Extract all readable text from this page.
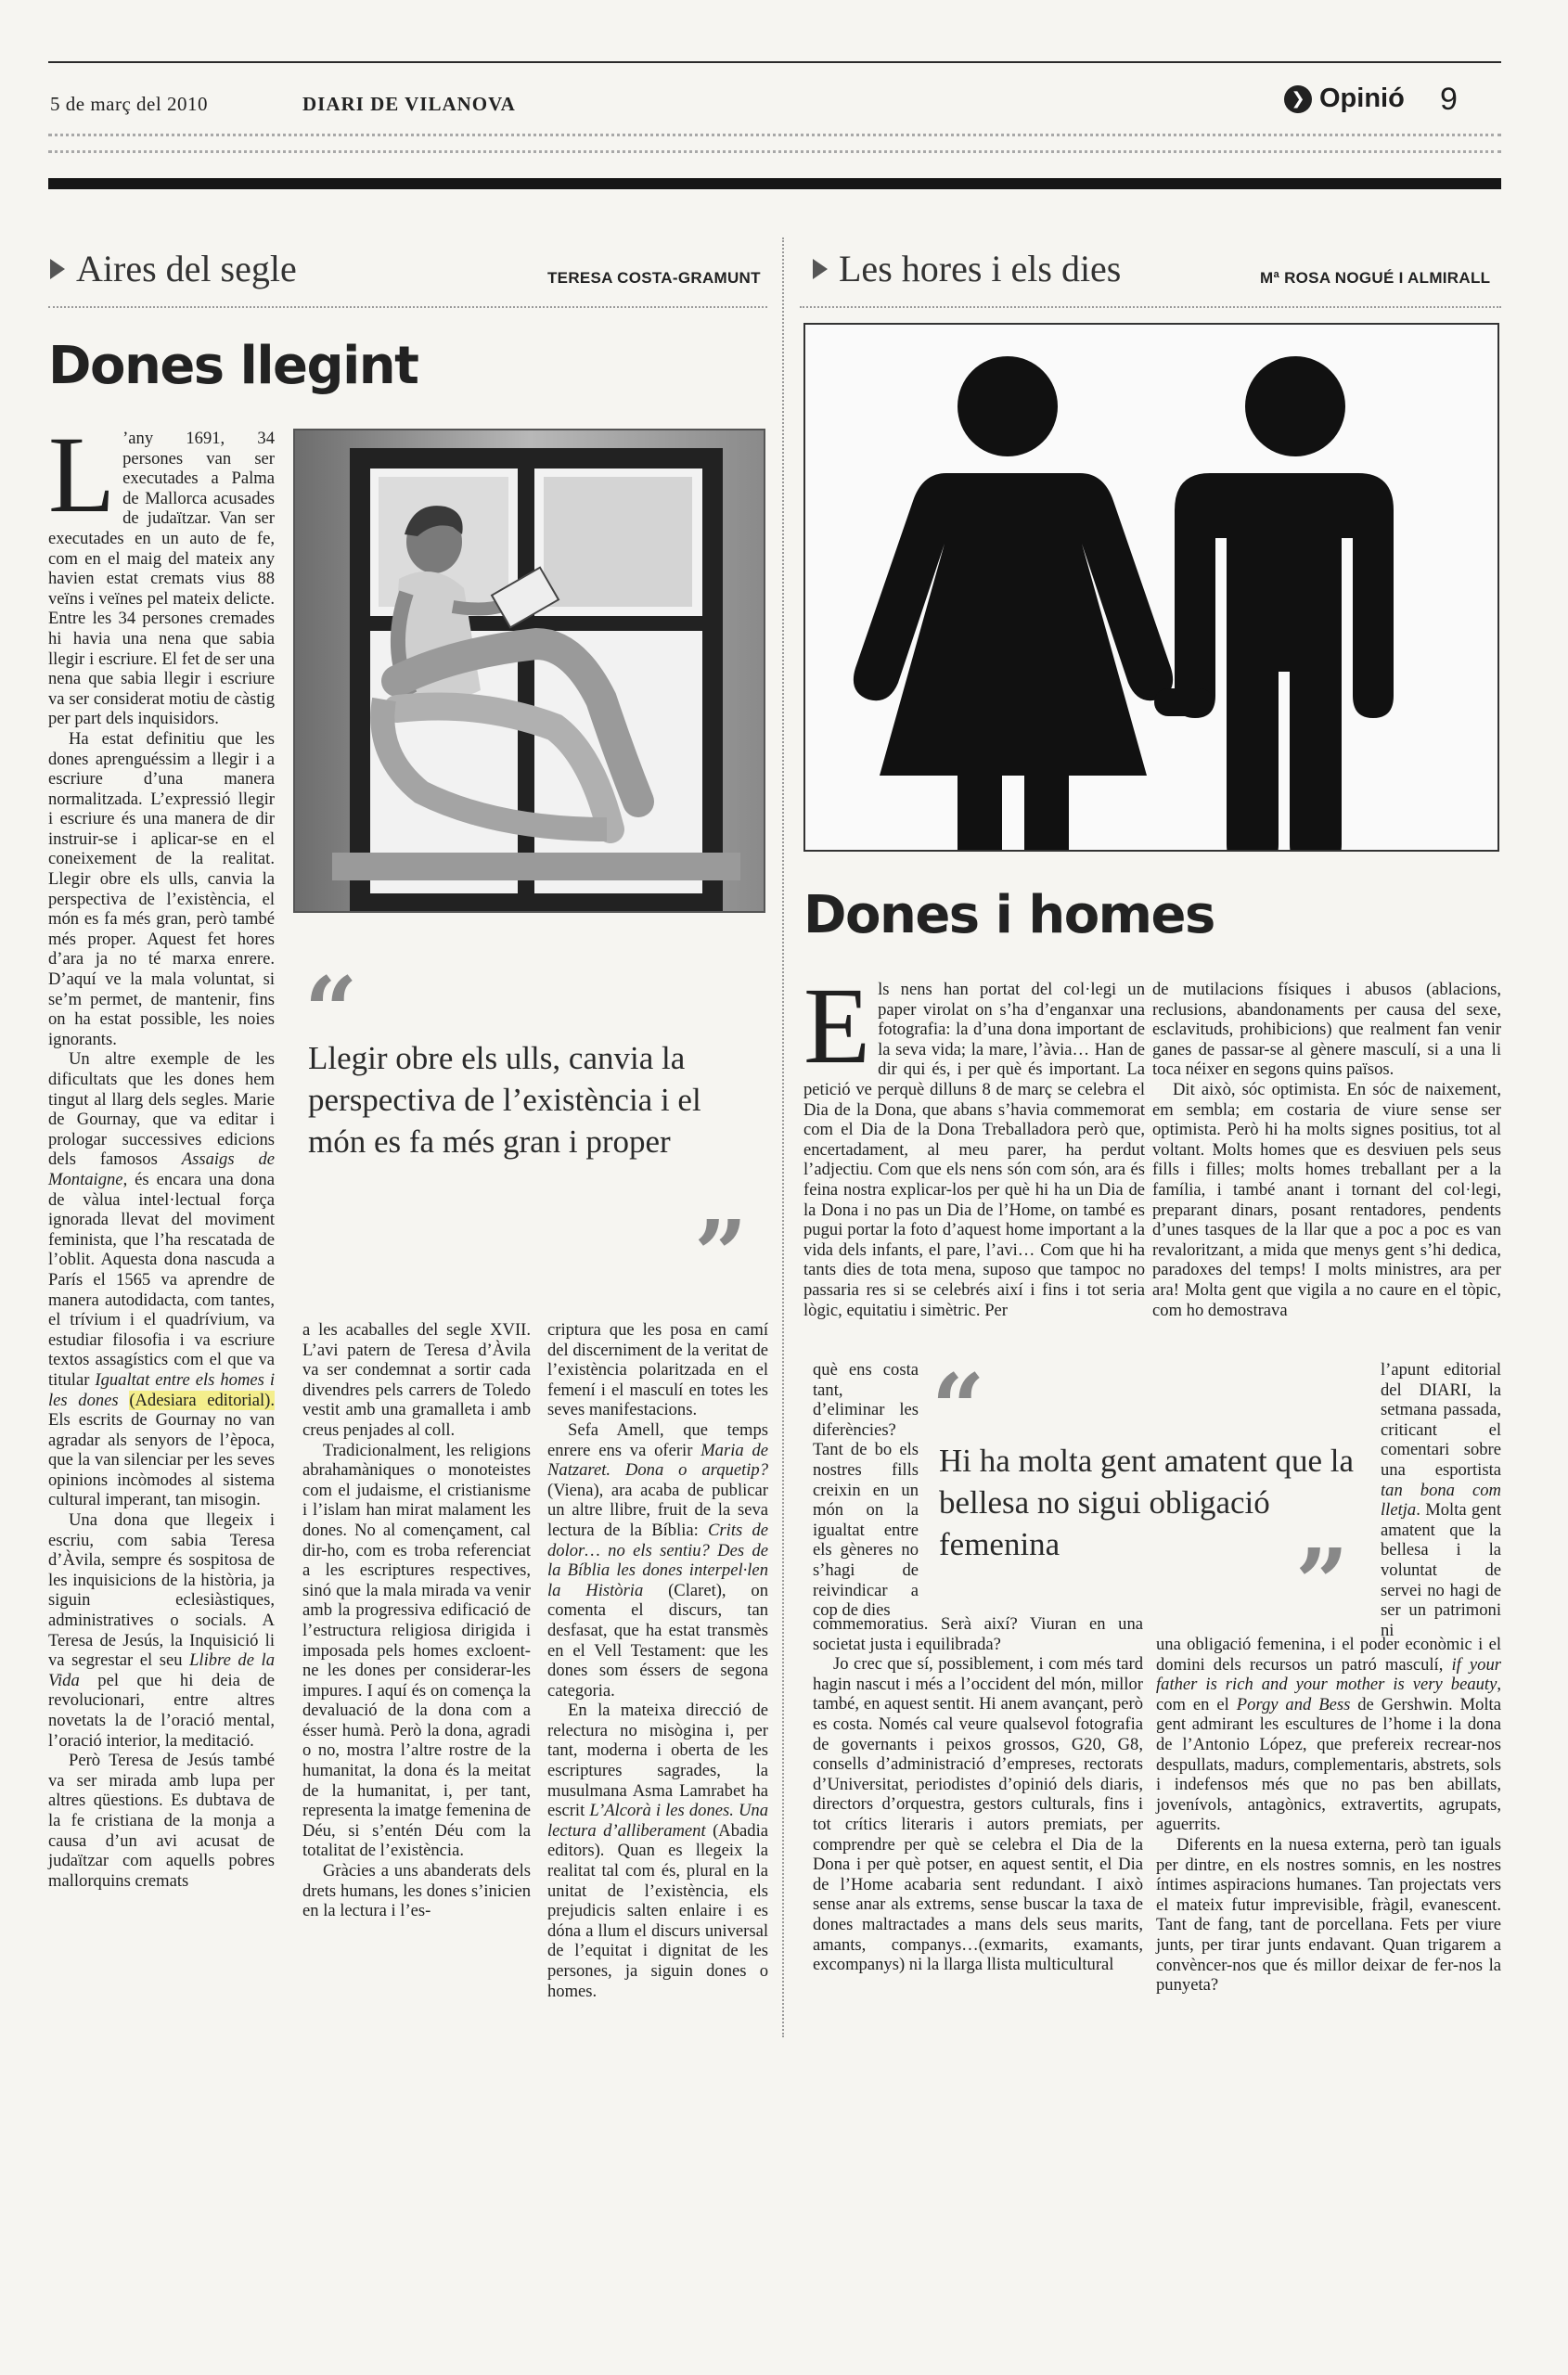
5 de març del 2010	DIARI DE VILANOVA	❯ Opinió 9
Aires del segle	TERESA COSTA-GRAMUNT
Dones llegint

L ’any 1691, 34 persones van ser executades a Palma de Mallorca acusades de judaïtzar. Van ser executades en un auto de fe, com en el maig del mateix any havien estat cremats vius 88 veïns i veïnes pel mateix delicte. Entre les 34 persones cremades hi havia una nena que sabia llegir i escriure. El fet de ser una nena que sabia llegir i escriure va ser considerat motiu de càstig per part dels inquisidors.

Ha estat definitiu que les dones aprenguéssim a llegir i a escriure d’una manera normalitzada. L’expressió llegir i escriure és una manera de dir instruir-se i aplicar-se en el coneixement de la realitat. Llegir obre els ulls, canvia la perspectiva de l’existència, el món es fa més gran, però també més proper. Aquest fet hores d’ara ja no té marxa enrere. D’aquí ve la mala voluntat, si se’m permet, de mantenir, fins on ha estat possible, les noies ignorants.

Un altre exemple de les dificultats que les dones hem tingut al llarg dels segles. Marie de Gournay, que va editar i prologar successives edicions dels famosos Assaigs de Montaigne, és encara una dona de vàlua intel·lectual força ignorada llevat del moviment feminista, que l’ha rescatada de l’oblit. Aquesta dona nascuda a París el 1565 va aprendre de manera autodidacta, com tantes, el trívium i el quadrívium, va estudiar filosofia i va escriure textos assagístics com el que va titular Igualtat entre els homes i les dones (Adesiara editorial). Els escrits de Gournay no van agradar als senyors de l’època, que la van silenciar per les seves opinions incòmodes al sistema cultural imperant, tan misogin.

Una dona que llegeix i escriu, com sabia Teresa d’Àvila, sempre és sospitosa de les inquisicions de la història, ja siguin eclesiàstiques, administratives o socials. A Teresa de Jesús, la Inquisició li va segrestar el seu Llibre de la Vida pel que hi deia de revolucionari, entre altres novetats la de l’oració mental, l’oració interior, la meditació.

Però Teresa de Jesús també va ser mirada amb lupa per altres qüestions. Es dubtava de la fe cristiana de la monja a causa d’un avi acusat de judaïtzar com aquells pobres mallorquins cremats

“
Llegir obre els ulls, canvia la perspectiva de l’existència i el món es fa més gran i proper
”

a les acaballes del segle XVII. L’avi patern de Teresa d’Àvila va ser condemnat a sortir cada divendres pels carrers de Toledo vestit amb una gramalleta i amb creus penjades al coll.

Tradicionalment, les religions abrahamàniques o monoteistes com el judaisme, el cristianisme i l’islam han mirat malament les dones. No al començament, cal dir-ho, com es troba referenciat a les escriptures respectives, sinó que la mala mirada va venir amb la progressiva edificació de l’estructura religiosa dirigida i imposada pels homes excloent-ne les dones per considerar-les impures. I aquí és on comença la devaluació de la dona com a ésser humà. Però la dona, agradi o no, mostra l’altre rostre de la humanitat, la dona és la meitat de la humanitat, i, per tant, representa la imatge femenina de Déu, si s’entén Déu com la totalitat de l’existència.

Gràcies a uns abanderats dels drets humans, les dones s’inicien en la lectura i l’es-

criptura que les posa en camí del discerniment de la veritat de l’existència polaritzada en el femení i el masculí en totes les seves manifestacions.

Sefa Amell, que temps enrere ens va oferir Maria de Natzaret. Dona o arquetip? (Viena), ara acaba de publicar un altre llibre, fruit de la seva lectura de la Bíblia: Crits de dolor… no els sentiu? Des de la Bíblia les dones interpel·len la Història (Claret), on comenta el discurs, tan desfasat, que ha estat transmès en el Vell Testament: que les dones som éssers de segona categoria.

En la mateixa direcció de relectura no misògina i, per tant, moderna i oberta de les escriptures sagrades, la musulmana Asma Lamrabet ha escrit L’Alcorà i les dones. Una lectura d’alliberament (Abadia editors). Quan es llegeix la realitat tal com és, plural en la unitat de l’existència, els prejudicis salten enlaire i es dóna a llum el discurs universal de l’equitat i dignitat de les persones, ja siguin dones o homes.

Les hores i els dies	Mª ROSA NOGUÉ I ALMIRALL
Dones i homes

Els nens han portat del col·legi un paper virolat on s’ha d’enganxar una fotografia: la d’una dona important de la seva vida; la mare, l’àvia… Han de dir qui és, i per què és important. La petició ve perquè dilluns 8 de març se celebra el Dia de la Dona, que abans s’havia commemorat com el Dia de la Dona Treballadora però que, encertadament, al meu parer, ha perdut l’adjectiu. Com que els nens són com són, ara és feina nostra explicar-los per què hi ha un Dia de la Dona i no pas un Dia de l’Home, on també es pugui portar la foto d’aquest home important a la vida dels infants, el pare, l’avi… Com que hi ha tants dies de tota mena, suposo que tampoc no passaria res si se celebrés així i fins i tot seria lògic, equitatiu i simètric. Per

què ens costa tant, d’eliminar les diferències? Tant de bo els nostres fills creixin en un món on la igualtat entre els gèneres no s’hagi de reivindicar a cop de dies

commemoratius. Serà així? Viuran en una societat justa i equilibrada?

Jo crec que sí, possiblement, i com més tard hagin nascut i més a l’occident del món, millor també, en aquest sentit. Hi anem avançant, però es costa. Només cal veure qualsevol fotografia de governants i peixos grossos, G20, G8, consells d’administració d’empreses, rectorats d’Universitat, periodistes d’opinió dels diaris, directors d’orquestra, gestors culturals, fins i tot crítics literaris i autors premiats, per comprendre per què se celebra el Dia de la Dona i per què potser, en aquest sentit, el Dia de l’Home acabaria sent redundant. I això sense anar als extrems, sense buscar la taxa de dones maltractades a mans dels seus marits, amants, companys…(exmarits, examants, excompanys) ni la llarga llista multicultural

de mutilacions físiques i abusos (ablacions, reclusions, abandonaments per causa del sexe, esclavituds, prohibicions) que realment fan venir ganes de passar-se al gènere masculí, si a una li toca néixer en segons quins països.

Dit això, sóc optimista. En sóc de naixement, em sembla; em costaria de viure sense ser optimista. Però hi ha molts signes positius, tot al voltant. Molts homes que es desviuen pels seus fills i filles; molts homes treballant per a la família, i també anant i tornant del col·legi, preparant dinars, posant rentadores, pendents d’unes tasques de la llar que a poc a poc es van revaloritzant, a mida que menys gent s’hi dedica, paradoxes del temps! I molts ministres, ara per ara! Molta gent que vigila a no caure en el tòpic, com ho demostrava

l’apunt editorial del DIARI, la setmana passada, criticant el comentari sobre una esportista tan bona com lletja. Molta gent amatent que la bellesa i la voluntat de servei no hagi de ser un patrimoni ni

una obligació femenina, i el poder econòmic i el domini dels recursos un patró masculí, if your father is rich and your mother is very beauty, com en el Porgy and Bess de Gershwin. Molta gent admirant les escultures de l’home i la dona de l’Antonio López, que prefereix recrear-nos despullats, madurs, complementaris, abstrets, sols i indefensos més que no pas ben abillats, jovenívols, antagònics, extravertits, agrupats, aguerrits.

Diferents en la nuesa externa, però tan iguals per dintre, en els nostres somnis, en les nostres íntimes aspiracions humanes. Tan projectats vers el mateix futur imprevisible, fràgil, evanescent. Tant de fang, tant de porcellana. Fets per viure junts, per tirar junts endavant. Quan trigarem a convèncer-nos que és millor deixar de fer-nos la punyeta?

“
Hi ha molta gent amatent que la bellesa no sigui obligació femenina	”
